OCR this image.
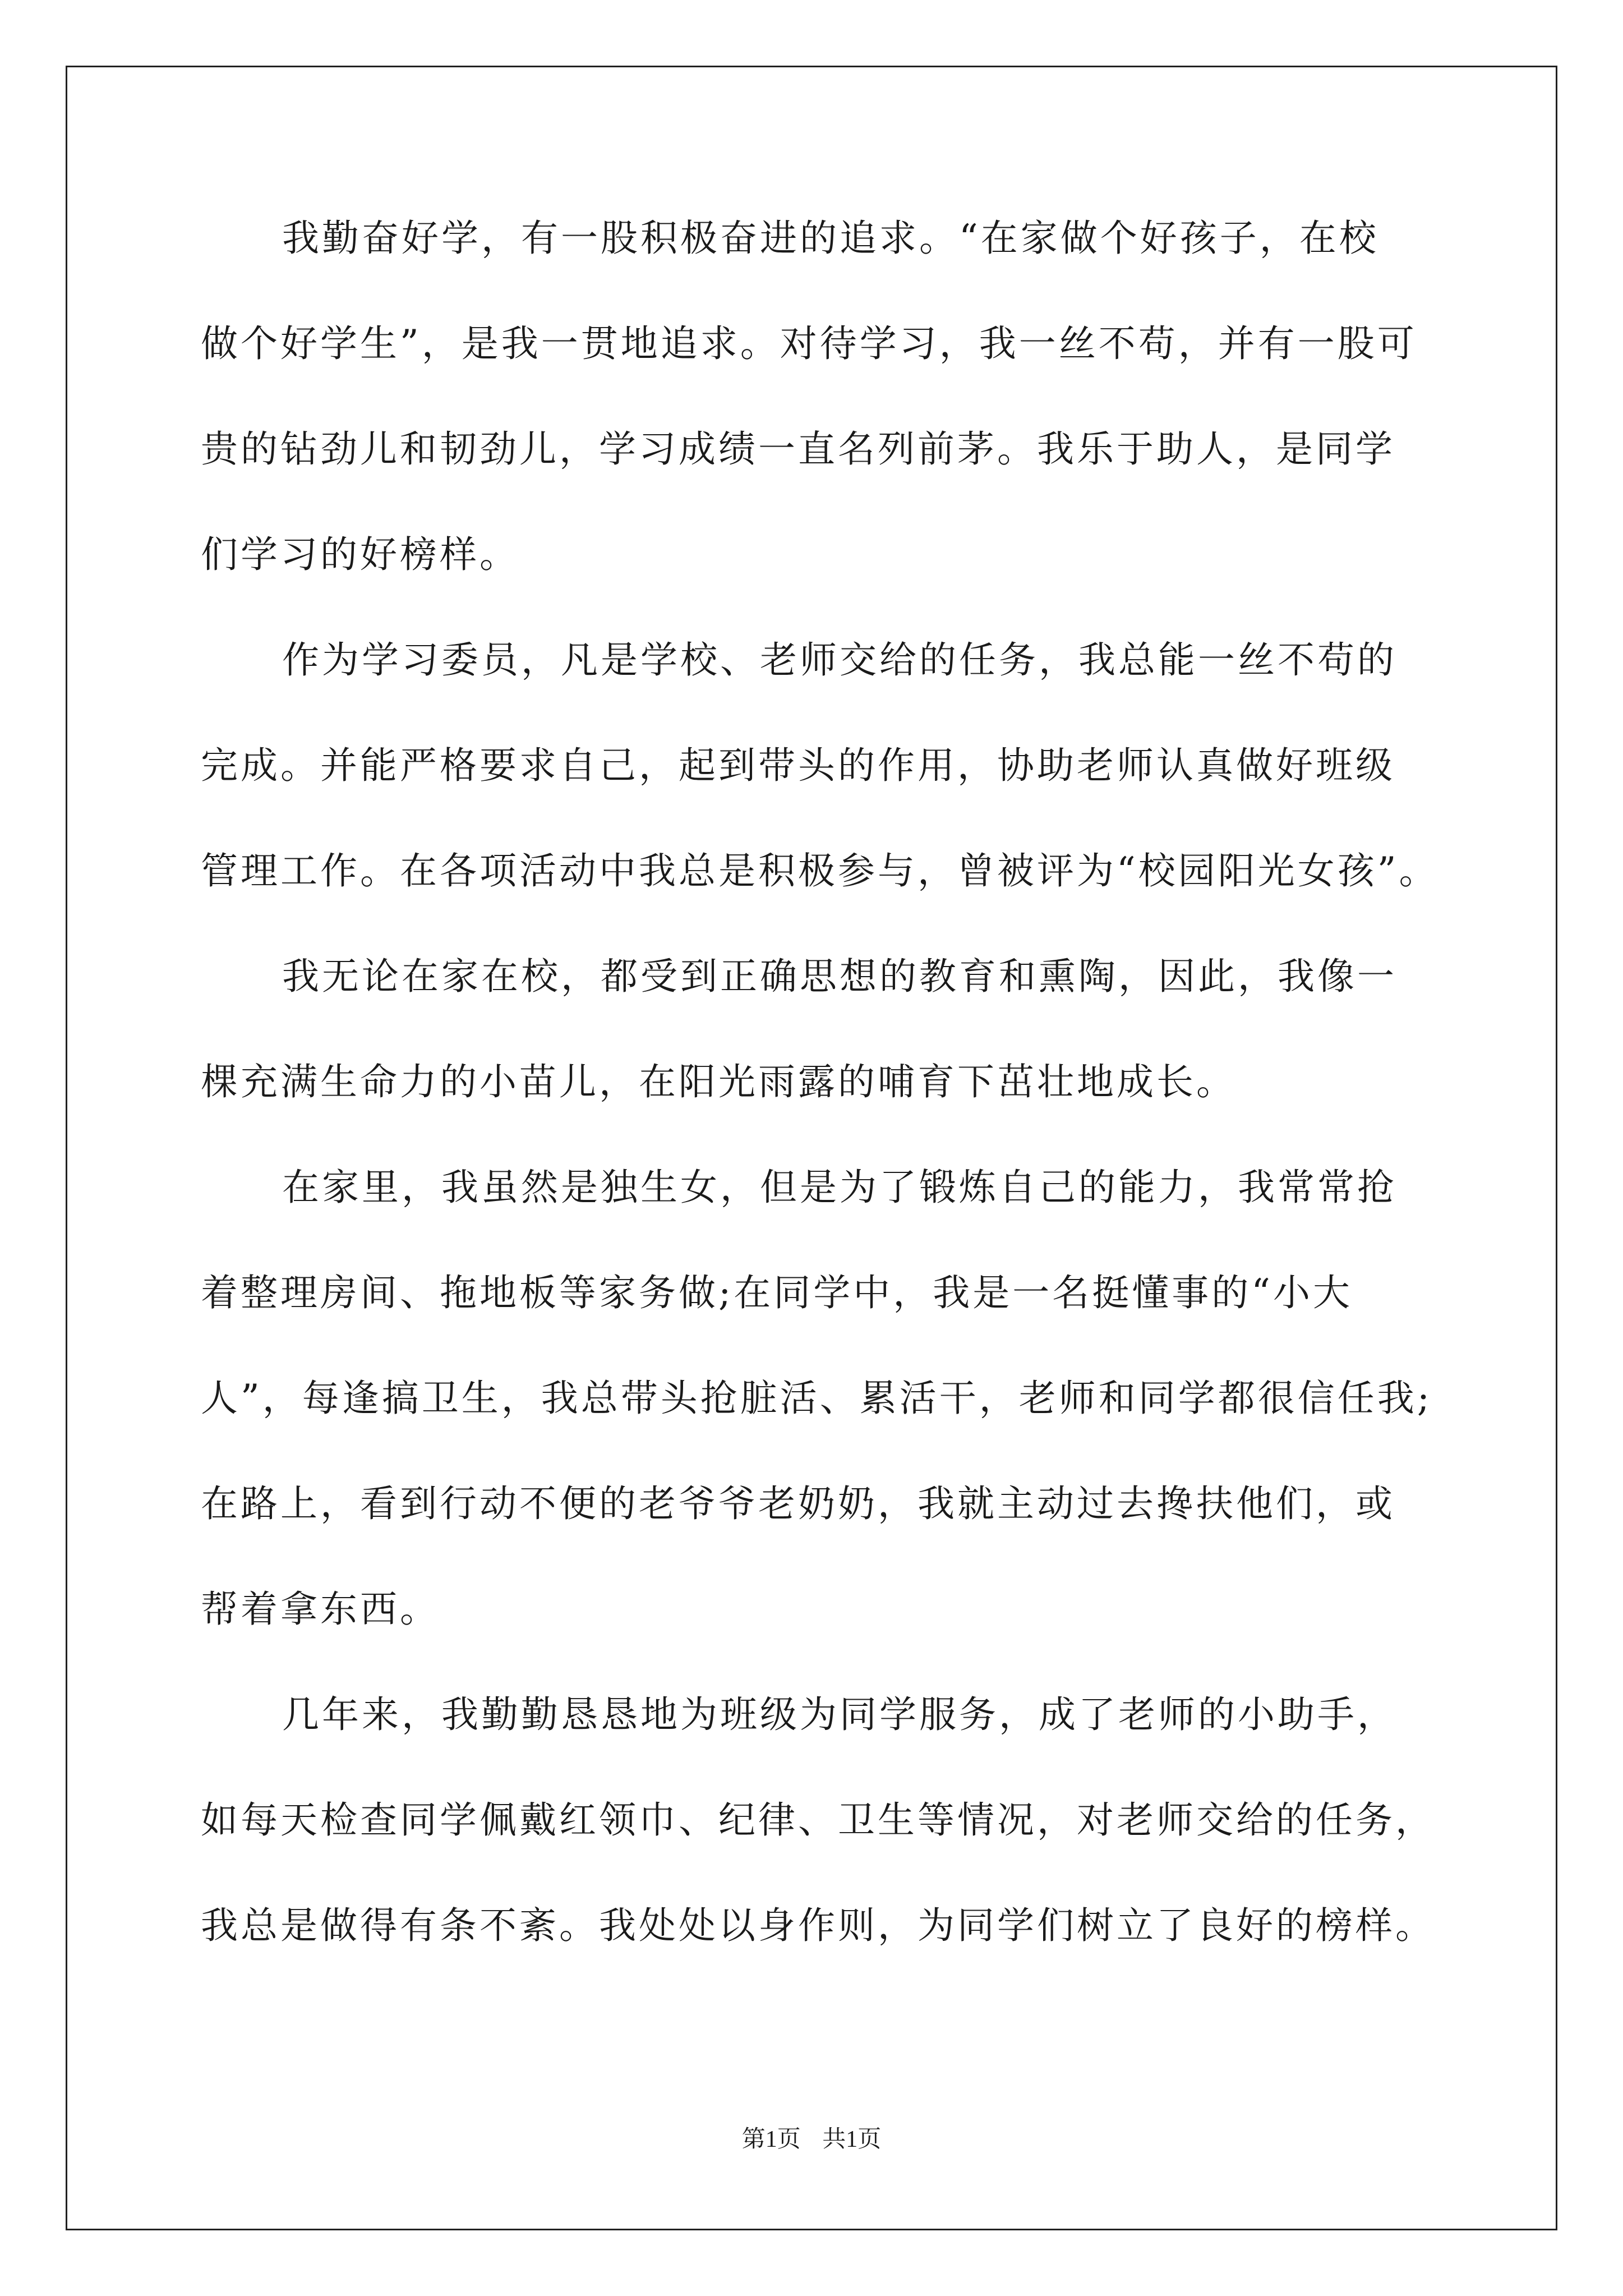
我勤奋好学，有一股积极奋进的追求。“在家做个好孩子，在校
做个好学生”，是我一贯地追求。对待学习，我一丝不苟，并有一股可
贵的钻劲儿和韧劲儿，学习成绩一直名列前茅。我乐于助人，是同学
们学习的好榜样。
作为学习委员，凡是学校、老师交给的任务，我总能一丝不苟的
完成。并能严格要求自己，起到带头的作用，协助老师认真做好班级
管理工作。在各项活动中我总是积极参与，曾被评为“校园阳光女孩”。
我无论在家在校，都受到正确思想的教育和熏陶，因此，我像一
棵充满生命力的小苗儿，在阳光雨露的哺育下茁壮地成长。
在家里，我虽然是独生女，但是为了锻炼自己的能力，我常常抢
着整理房间、拖地板等家务做;在同学中，我是一名挺懂事的“小大
人”，每逢搞卫生，我总带头抢脏活、累活干，老师和同学都很信任我;
在路上，看到行动不便的老爷爷老奶奶，我就主动过去搀扶他们，或
帮着拿东西。
几年来，我勤勤恳恳地为班级为同学服务，成了老师的小助手，
如每天检查同学佩戴红领巾、纪律、卫生等情况，对老师交给的任务，
我总是做得有条不紊。我处处以身作则，为同学们树立了良好的榜样。
第1页 共1页
